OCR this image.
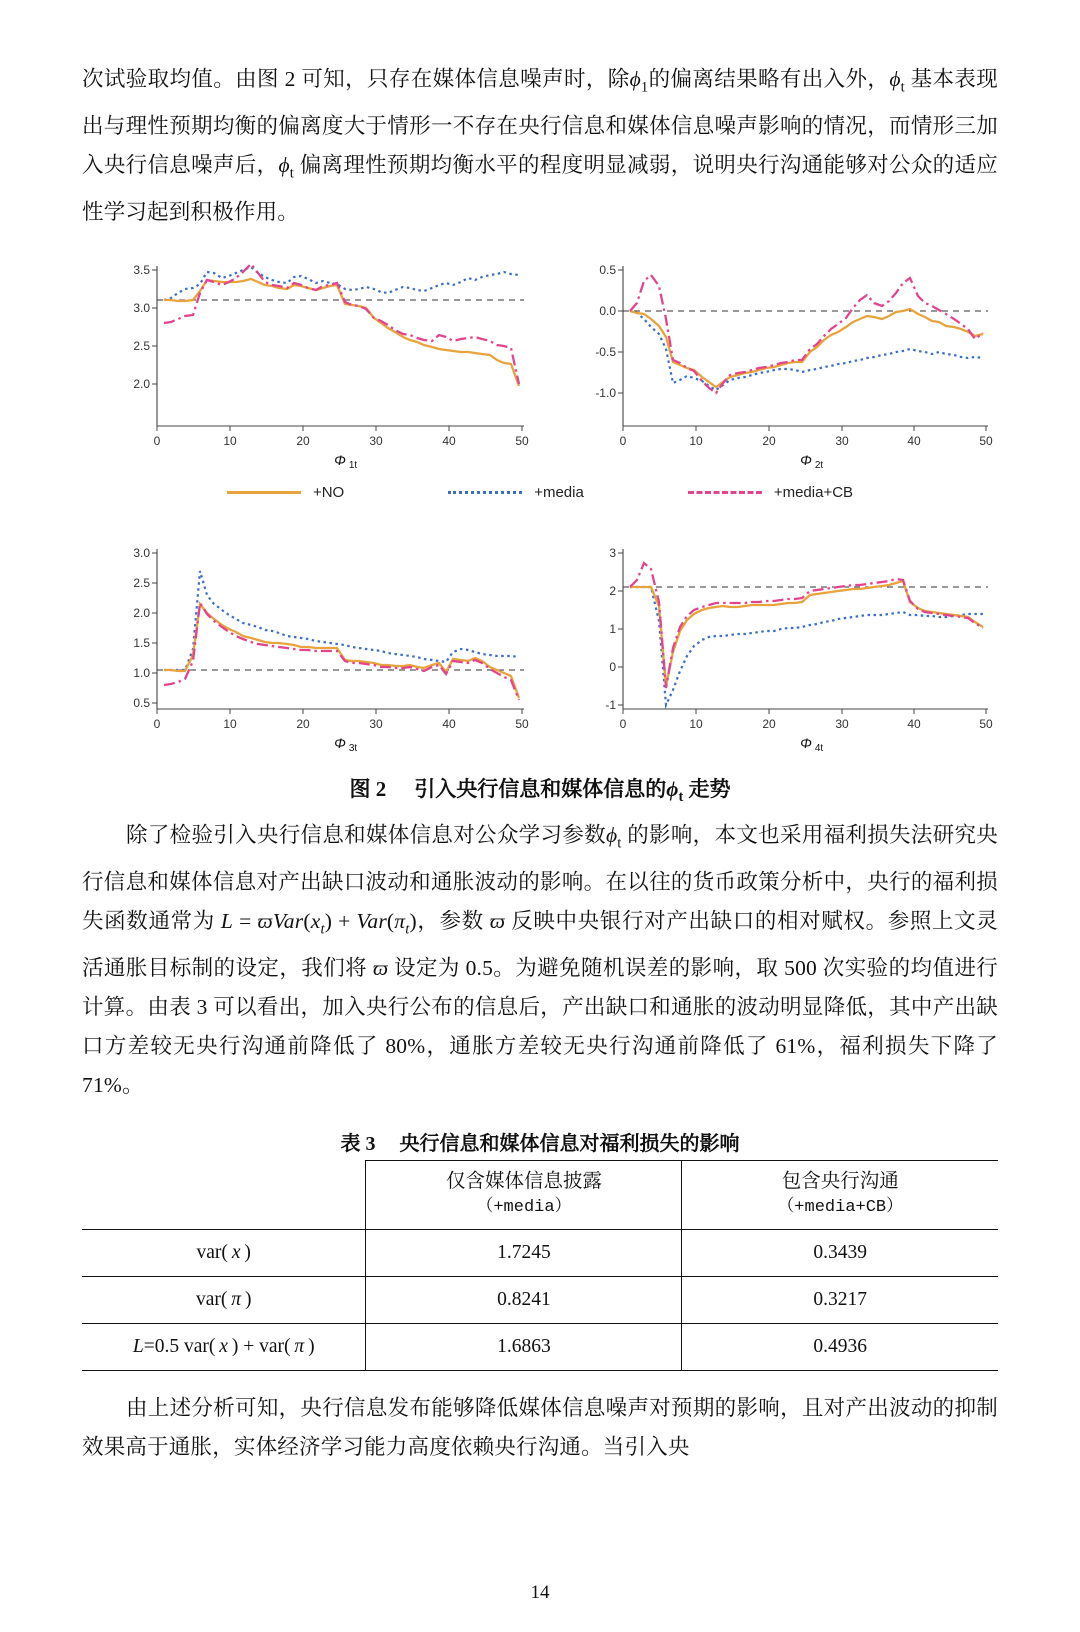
次试验取均值。由图 2 可知，只存在媒体信息噪声时，除$\phi_1$的偏离结果略有出入外，$\phi_t$ 基本表现出与理性预期均衡的偏离度大于情形一不存在央行信息和媒体信息噪声影响的情况，而情形三加入央行信息噪声后，$\phi_t$ 偏离理性预期均衡水平的程度明显减弱，说明央行沟通能够对公众的适应性学习起到积极作用。

3.5
3.0
2.5
2.0
0	10	20	30	40	50
Φ 1t
0.5
0.0
-0.5
-1.0
0	10	20	30	40	50
Φ 2t
+NO	+media	+media+CB
3.0
2.5
2.0
1.5
1.0
0.5
0	10	20	30	40	50
Φ 3t
3
2
1
0
-1
0	10	20	30	40	50
Φ 4t
图 2 引入央行信息和媒体信息的$\phi_t$ 走势

除了检验引入央行信息和媒体信息对公众学习参数$\phi_t$ 的影响，本文也采用福利损失法研究央行信息和媒体信息对产出缺口波动和通胀波动的影响。在以往的货币政策分析中，央行的福利损失函数通常为 $L = ϖVar(x_t) + Var(\pi_t)$，参数 ϖ 反映中央银行对产出缺口的相对赋权。参照上文灵活通胀目标制的设定，我们将 ϖ 设定为 0.5。为避免随机误差的影响，取 500 次实验的均值进行计算。由表 3 可以看出，加入央行公布的信息后，产出缺口和通胀的波动明显降低，其中产出缺口方差较无央行沟通前降低了 80%，通胀方差较无央行沟通前降低了 61%，福利损失下降了 71%。

表 3 央行信息和媒体信息对福利损失的影响

仅含媒体信息披露
（+media）

包含央行沟通
（+media+CB）

var( x )	1.7245	0.3439
var( π )	0.8241	0.3217
L=0.5 var( x ) + var( π )	1.6863	0.4936

由上述分析可知，央行信息发布能够降低媒体信息噪声对预期的影响，且对产出波动的抑制效果高于通胀，实体经济学习能力高度依赖央行沟通。当引入央

14
